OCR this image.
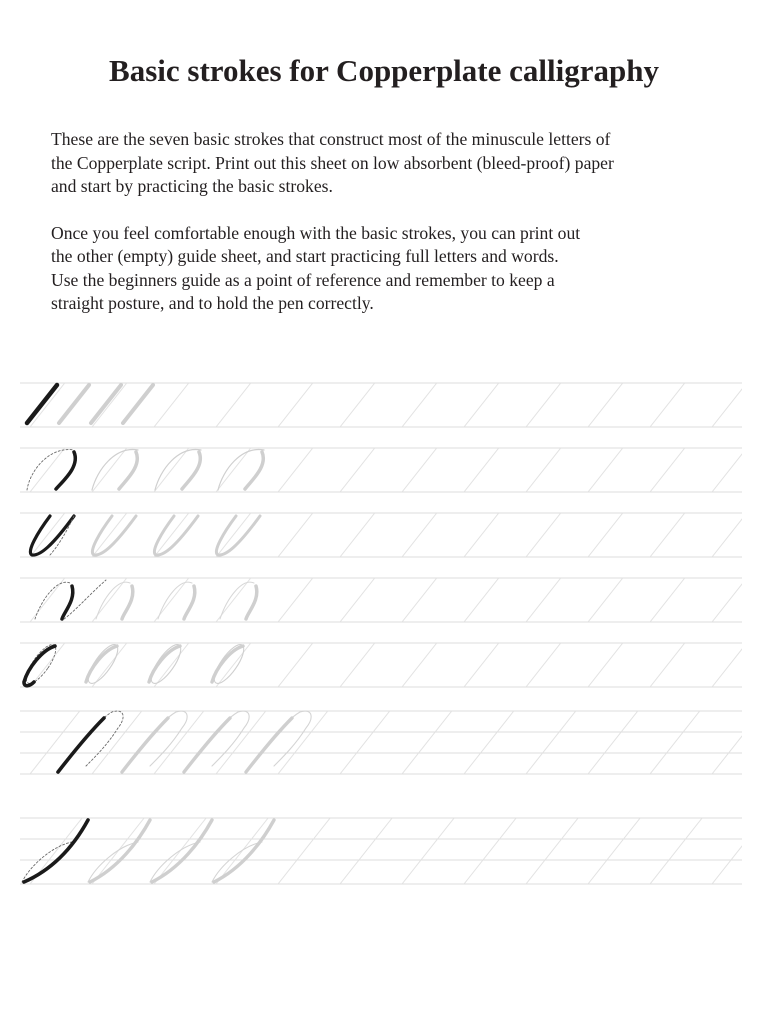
Basic strokes for Copperplate calligraphy

These are the seven basic strokes that construct most of the minuscule letters of

the Copperplate script. Print out this sheet on low absorbent (bleed-proof) paper

and start by practicing the basic strokes.

Once you feel comfortable enough with the basic strokes, you can print out

the other (empty) guide sheet, and start practicing full letters and words.

Use the beginners guide as a point of reference and remember to keep a

straight posture, and to hold the pen correctly.
